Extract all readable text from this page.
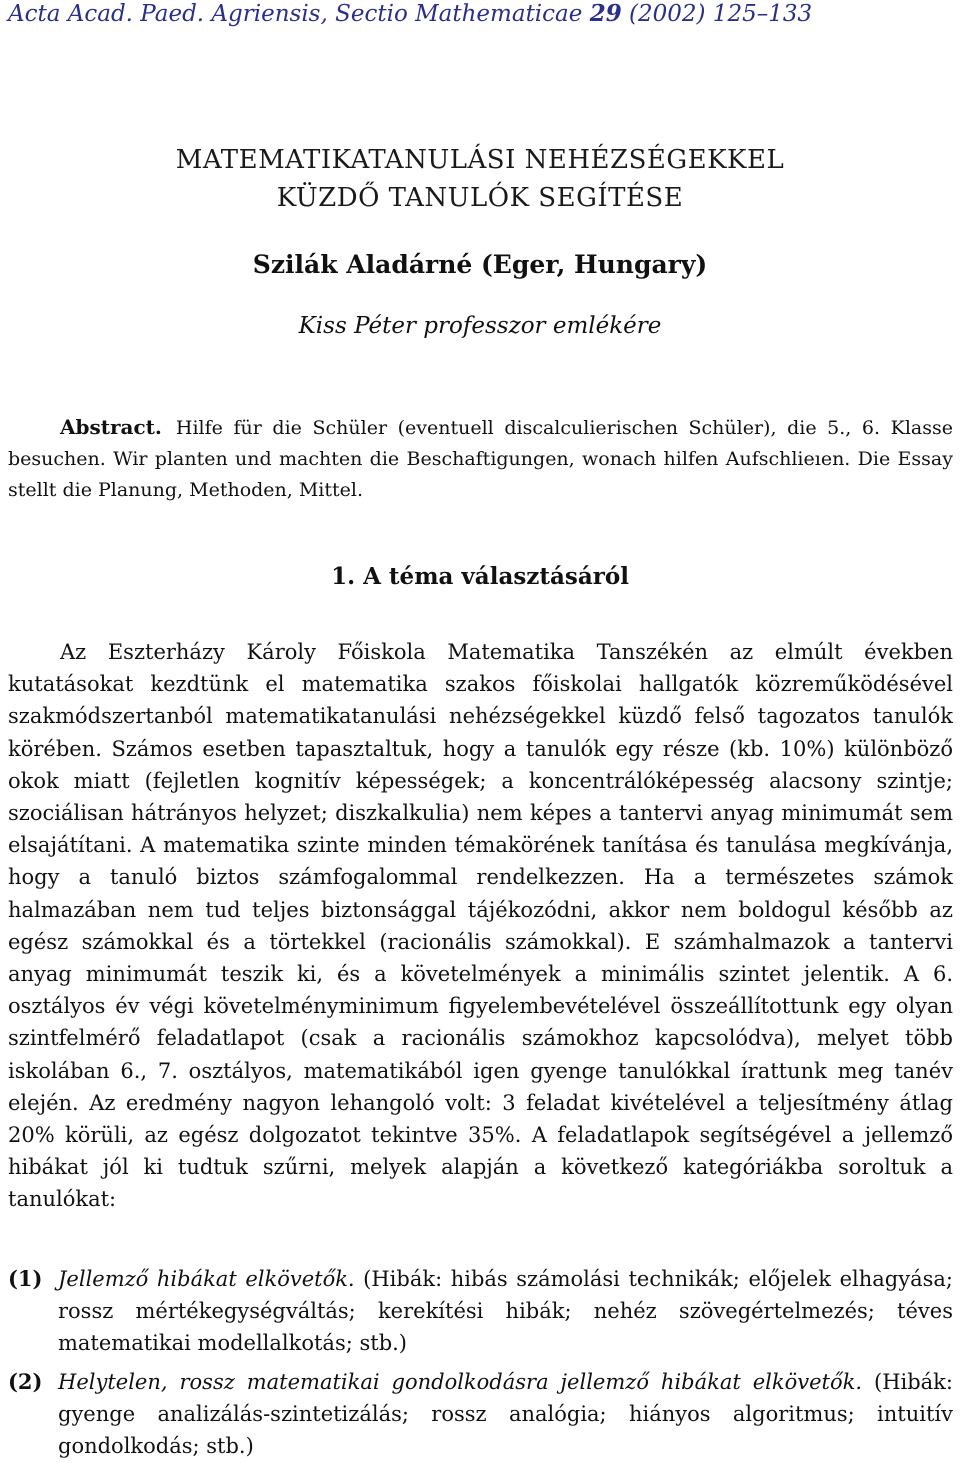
Acta Acad. Paed. Agriensis, Sectio Mathematicae 29 (2002) 125–133
MATEMATIKATANULÁSI NEHÉZSÉGEKKEL
KÜZDŐ TANULÓK SEGÍTÉSE
Szilák Aladárné (Eger, Hungary)
Kiss Péter professzor emlékére
Abstract. Hilfe für die Schüler (eventuell discalculierischen Schüler), die 5., 6. Klasse besuchen. Wir planten und machten die Beschaftigungen, wonach hilfen Aufschlieıen. Die Essay stellt die Planung, Methoden, Mittel.
1. A téma választásáról
Az Eszterházy Károly Főiskola Matematika Tanszékén az elmúlt években kutatásokat kezdtünk el matematika szakos főiskolai hallgatók közreműködésével szakmódszertanból matematikatanulási nehézségekkel küzdő felső tagozatos tanulók körében. Számos esetben tapasztaltuk, hogy a tanulók egy része (kb. 10%) különböző okok miatt (fejletlen kognitív képességek; a koncentrálóképesség alacsony szintje; szociálisan hátrányos helyzet; diszkalkulia) nem képes a tantervi anyag minimumát sem elsajátítani. A matematika szinte minden témakörének tanítása és tanulása megkívánja, hogy a tanuló biztos számfogalommal rendelkezzen. Ha a természetes számok halmazában nem tud teljes biztonsággal tájékozódni, akkor nem boldogul később az egész számokkal és a törtekkel (racionális számokkal). E számhalmazok a tantervi anyag minimumát teszik ki, és a követelmények a minimális szintet jelentik. A 6. osztályos év végi követelményminimum figyelembevételével összeállítottunk egy olyan szintfelmérő feladatlapot (csak a racionális számokhoz kapcsolódva), melyet több iskolában 6., 7. osztályos, matematikából igen gyenge tanulókkal írattunk meg tanév elején. Az eredmény nagyon lehangoló volt: 3 feladat kivételével a teljesítmény átlag 20% körüli, az egész dolgozatot tekintve 35%. A feladatlapok segítségével a jellemző hibákat jól ki tudtuk szűrni, melyek alapján a következő kategóriákba soroltuk a tanulókat:
(1) Jellemző hibákat elkövetők. (Hibák: hibás számolási technikák; előjelek elhagyása; rossz mértékegységváltás; kerekítési hibák; nehéz szövegértelmezés; téves matematikai modellalkotás; stb.)
(2) Helytelen, rossz matematikai gondolkodásra jellemző hibákat elkövetők. (Hibák: gyenge analizálás-szintetizálás; rossz analógia; hiányos algoritmus; intuitív gondolkodás; stb.)
